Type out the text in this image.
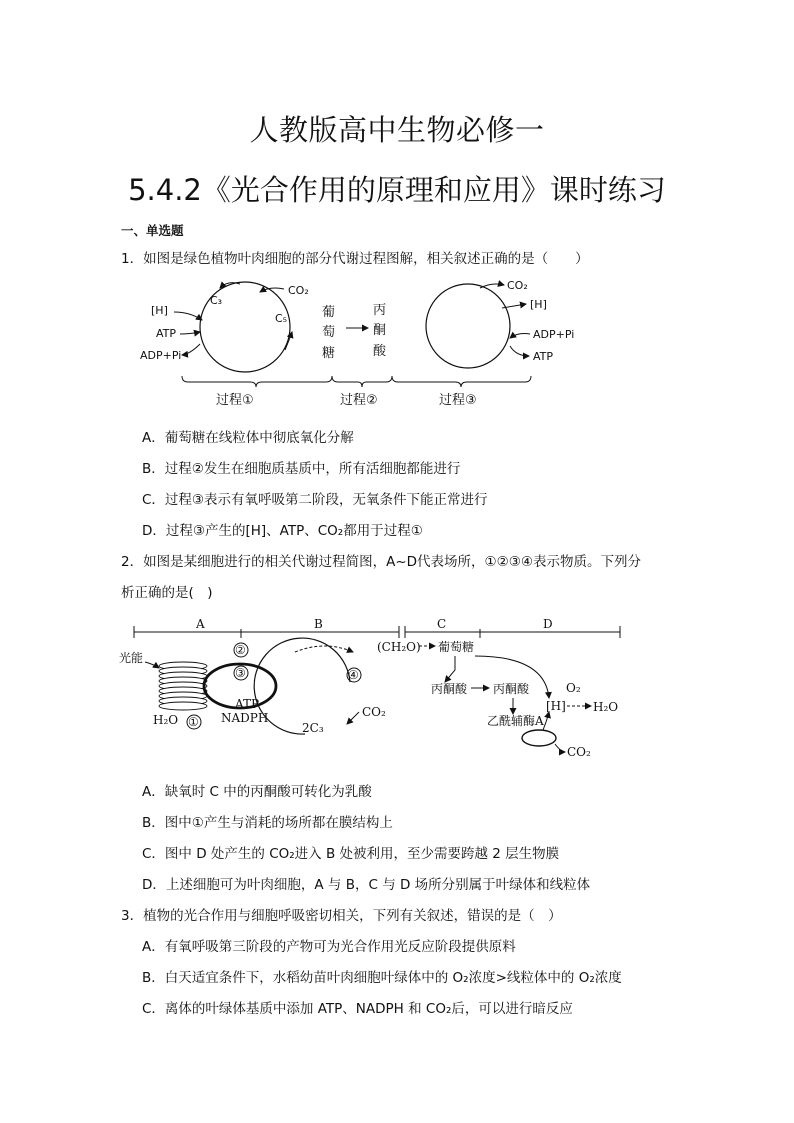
人教版高中生物必修一
5.4.2《光合作用的原理和应用》课时练习
一、单选题
1．如图是绿色植物叶肉细胞的部分代谢过程图解，相关叙述正确的是（　　）
[H]
C₃
CO₂
C₅
ATP
ADP+Pi
葡
萄
糖
丙
酮
酸
CO₂
[H]
ADP+Pi
ATP
过程①	过程②	过程③
A．葡萄糖在线粒体中彻底氧化分解
B．过程②发生在细胞质基质中，所有活细胞都能进行
C．过程③表示有氧呼吸第二阶段，无氧条件下能正常进行
D．过程③产生的[H]、ATP、CO₂都用于过程①
2．如图是某细胞进行的相关代谢过程简图，A~D代表场所，①②③④表示物质。下列分
析正确的是(　)
A	B	C	D
光能
②
③
ATP
NADPH
H₂O ①
④
2C₃
CO₂
(CH₂O) 葡萄糖
丙酮酸 丙酮酸	O₂
[H] H₂O
乙酰辅酶A
CO₂
A．缺氧时 C 中的丙酮酸可转化为乳酸
B．图中①产生与消耗的场所都在膜结构上
C．图中 D 处产生的 CO₂进入 B 处被利用，至少需要跨越 2 层生物膜
D．上述细胞可为叶肉细胞，A 与 B，C 与 D 场所分别属于叶绿体和线粒体
3．植物的光合作用与细胞呼吸密切相关，下列有关叙述，错误的是（　）
A．有氧呼吸第三阶段的产物可为光合作用光反应阶段提供原料
B．白天适宜条件下，水稻幼苗叶肉细胞叶绿体中的 O₂浓度>线粒体中的 O₂浓度
C．离体的叶绿体基质中添加 ATP、NADPH 和 CO₂后，可以进行暗反应
